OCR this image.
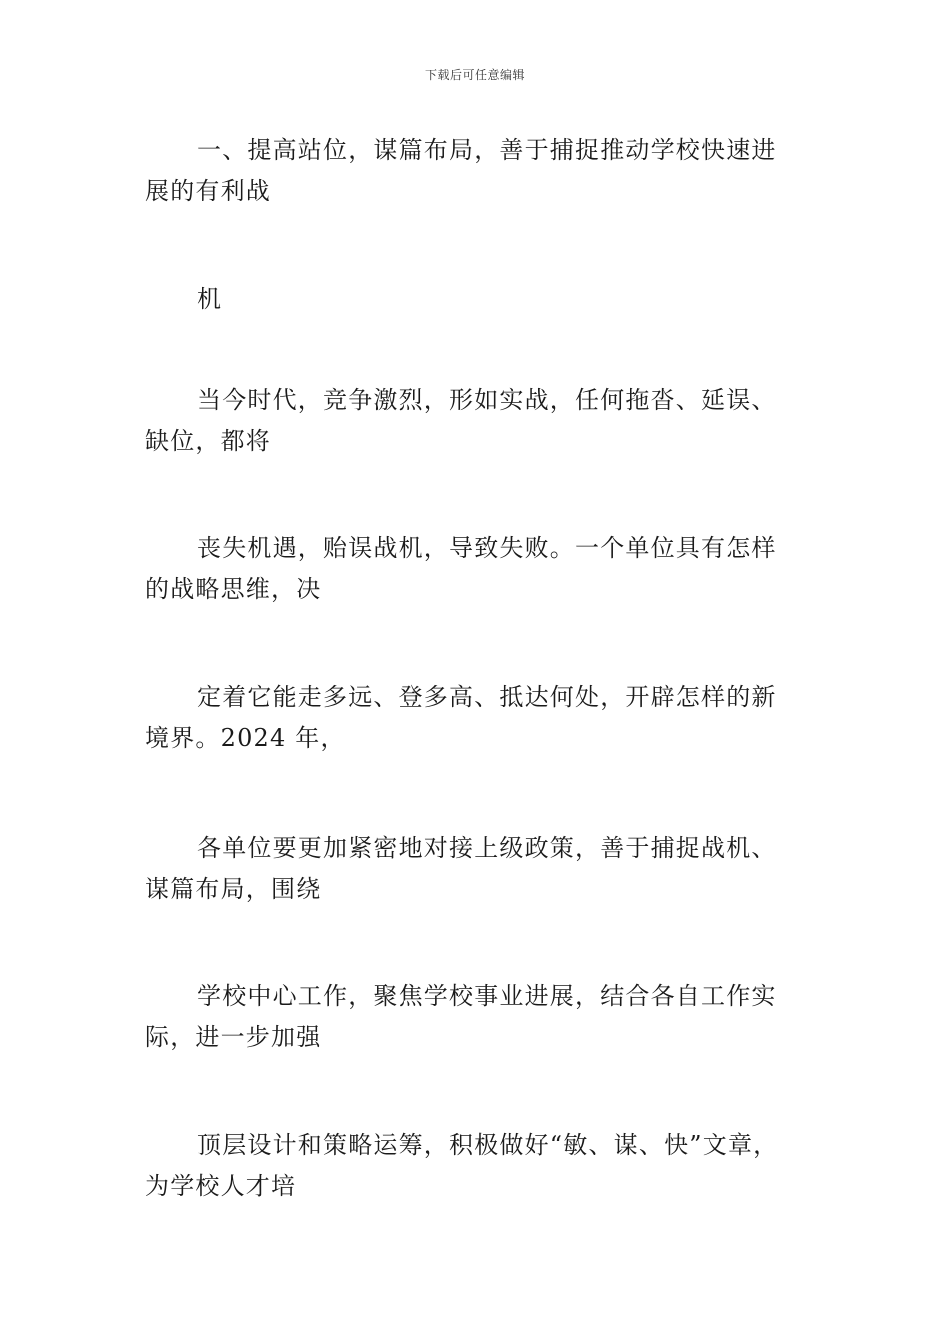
下载后可任意编辑

一、提高站位，谋篇布局，善于捕捉推动学校快速进
展的有利战

机

当今时代，竞争激烈，形如实战，任何拖沓、延误、
缺位，都将

丧失机遇，贻误战机，导致失败。一个单位具有怎样
的战略思维，决

定着它能走多远、登多高、抵达何处，开辟怎样的新
境界。2024 年，

各单位要更加紧密地对接上级政策，善于捕捉战机、
谋篇布局，围绕

学校中心工作，聚焦学校事业进展，结合各自工作实
际，进一步加强

顶层设计和策略运筹，积极做好“敏、谋、快”文章，
为学校人才培
